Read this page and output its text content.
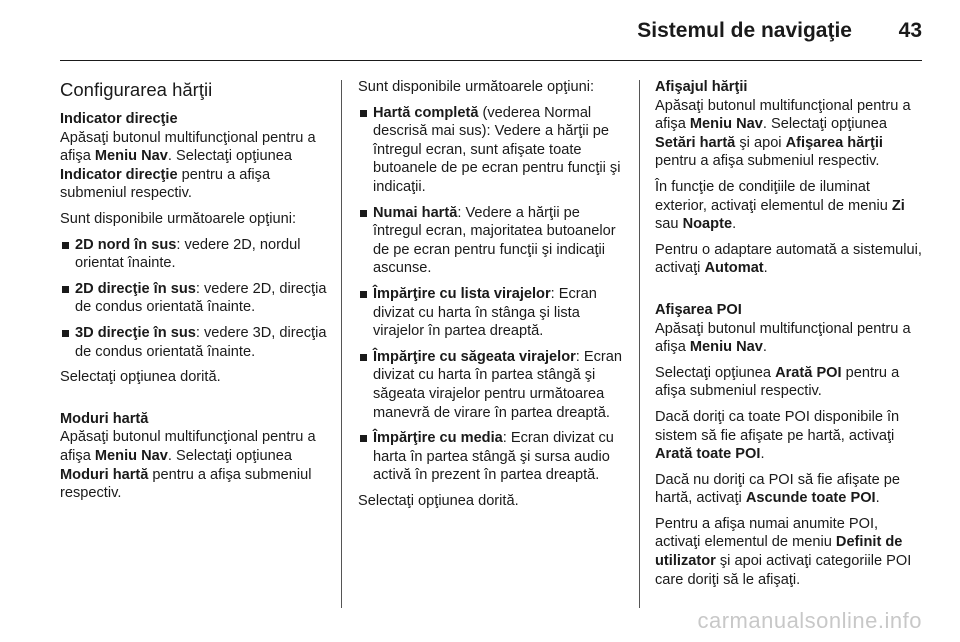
Sistemul de navigaţie 43
Configurarea hărţii

Indicator direcţie

Apăsaţi butonul multifuncţional pentru a afişa Meniu Nav. Selectaţi opţiunea Indicator direcţie pentru a afişa submeniul respectiv.

Sunt disponibile următoarele opţiuni:

2D nord în sus: vedere 2D, nordul orientat înainte.
2D direcţie în sus: vedere 2D, direcţia de condus orientată înainte.
3D direcţie în sus: vedere 3D, direcţia de condus orientată înainte.

Selectaţi opţiunea dorită.

Moduri hartă

Apăsaţi butonul multifuncţional pentru a afişa Meniu Nav. Selectaţi opţiunea Moduri hartă pentru a afişa submeniul respectiv.

Sunt disponibile următoarele opţiuni:

Hartă completă (vederea Normal descrisă mai sus): Vedere a hărţii pe întregul ecran, sunt afişate toate butoanele de pe ecran pentru funcţii şi indicaţii.
Numai hartă: Vedere a hărţii pe întregul ecran, majoritatea butoanelor de pe ecran pentru funcţii şi indicaţii ascunse.
Împărţire cu lista virajelor: Ecran divizat cu harta în stânga şi lista virajelor în partea dreaptă.
Împărţire cu săgeata virajelor: Ecran divizat cu harta în partea stângă şi săgeata virajelor pentru următoarea manevră de virare în partea dreaptă.
Împărţire cu media: Ecran divizat cu harta în partea stângă şi sursa audio activă în prezent în partea dreaptă.

Selectaţi opţiunea dorită.

Afişajul hărţii

Apăsaţi butonul multifuncţional pentru a afişa Meniu Nav. Selectaţi opţiunea Setări hartă şi apoi Afişarea hărţii pentru a afişa submeniul respectiv.

În funcţie de condiţiile de iluminat exterior, activaţi elementul de meniu Zi sau Noapte.

Pentru o adaptare automată a sistemului, activaţi Automat.

Afişarea POI

Apăsaţi butonul multifuncţional pentru a afişa Meniu Nav.

Selectaţi opţiunea Arată POI pentru a afişa submeniul respectiv.

Dacă doriţi ca toate POI disponibile în sistem să fie afişate pe hartă, activaţi Arată toate POI.

Dacă nu doriţi ca POI să fie afişate pe hartă, activaţi Ascunde toate POI.

Pentru a afişa numai anumite POI, activaţi elementul de meniu Definit de utilizator şi apoi activaţi categoriile POI care doriţi să le afişaţi.

carmanualsonline.info
